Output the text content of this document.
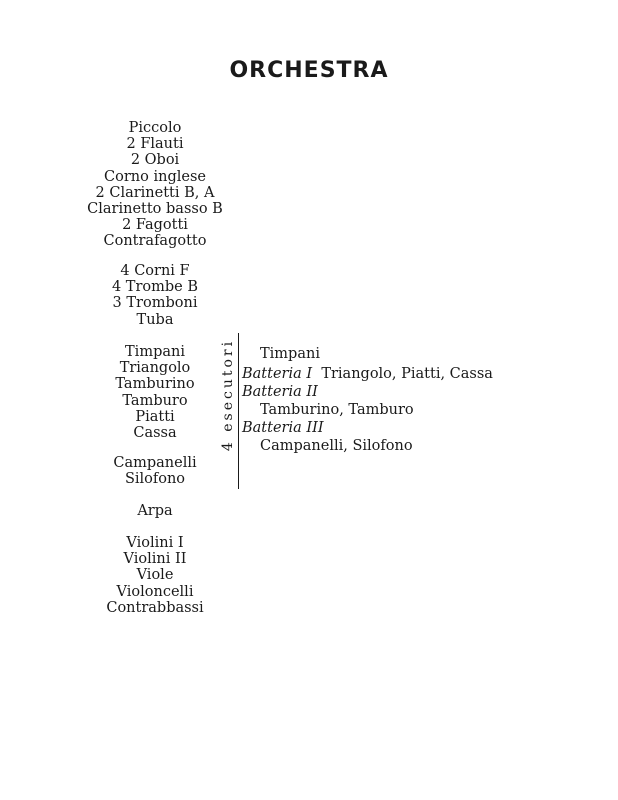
ORCHESTRA
Piccolo
2 Flauti
2 Oboi
Corno inglese
2 Clarinetti B, A
Clarinetto basso B
2 Fagotti
Contrafagotto
4 Corni F
4 Trombe B
3 Tromboni
Tuba
Timpani
Triangolo
Tamburino
Tamburo
Piatti
Cassa
Campanelli
Silofono
Arpa
Violini I
Violini II
Viole
Violoncelli
Contrabbassi
4 esecutori	Timpani
Batteria I Triangolo, Piatti, Cassa
Batteria II
Tamburino, Tamburo
Batteria III
Campanelli, Silofono
